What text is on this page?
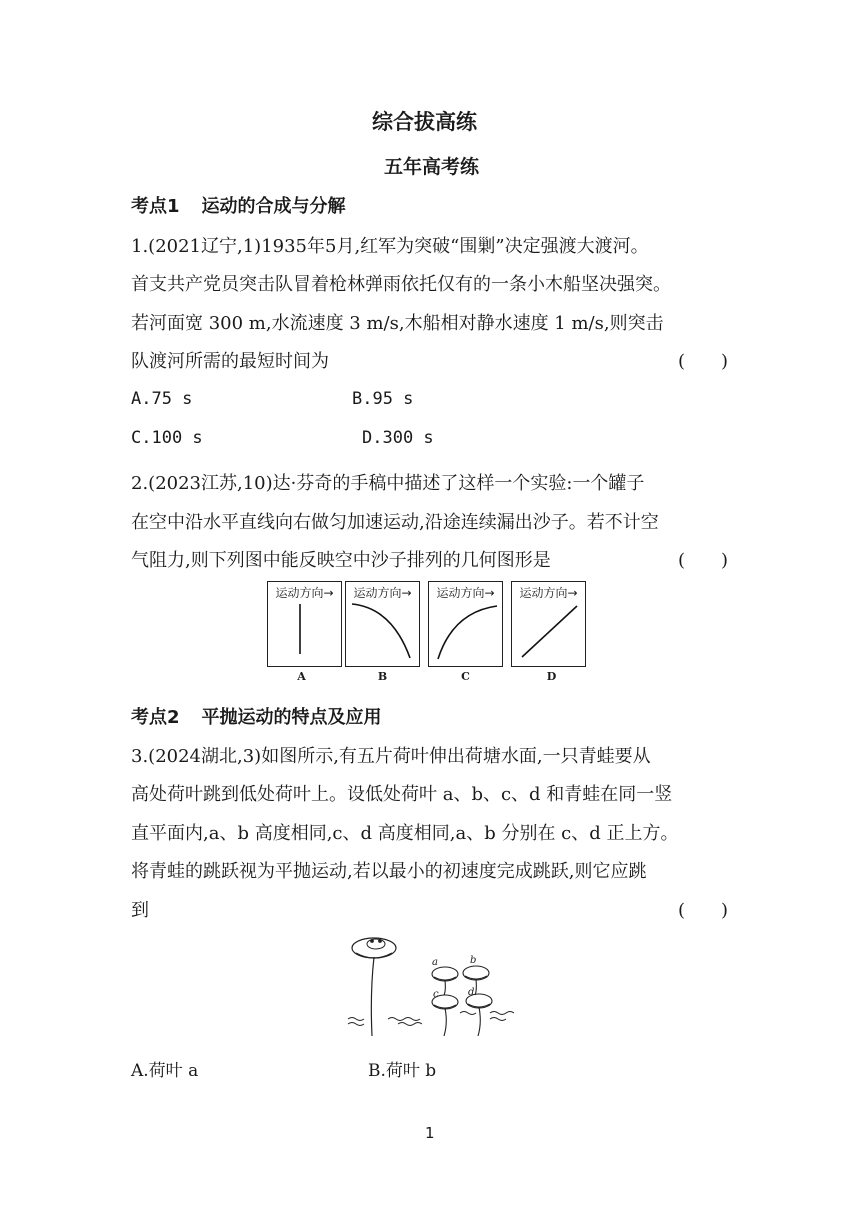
综合拔高练
五年高考练
考点1 运动的合成与分解
1.(2021辽宁,1)1935年5月,红军为突破“围剿”决定强渡大渡河。
首支共产党员突击队冒着枪林弹雨依托仅有的一条小木船坚决强突。
若河面宽 300 m,水流速度 3 m/s,木船相对静水速度 1 m/s,则突击
队渡河所需的最短时间为	(　　)
A.75 s	B.95 s
C.100 s	D.300 s
2.(2023江苏,10)达·芬奇的手稿中描述了这样一个实验:一个罐子
在空中沿水平直线向右做匀加速运动,沿途连续漏出沙子。若不计空
气阻力,则下列图中能反映空中沙子排列的几何图形是	(　　)
运动方向→	运动方向→	运动方向→	运动方向→
A	B	C	D
考点2 平抛运动的特点及应用
3.(2024湖北,3)如图所示,有五片荷叶伸出荷塘水面,一只青蛙要从
高处荷叶跳到低处荷叶上。设低处荷叶 a、b、c、d 和青蛙在同一竖
直平面内,a、b 高度相同,c、d 高度相同,a、b 分别在 c、d 正上方。
将青蛙的跳跃视为平抛运动,若以最小的初速度完成跳跃,则它应跳
到	(　　)
a	b
c	d
A.荷叶 a	B.荷叶 b
1
